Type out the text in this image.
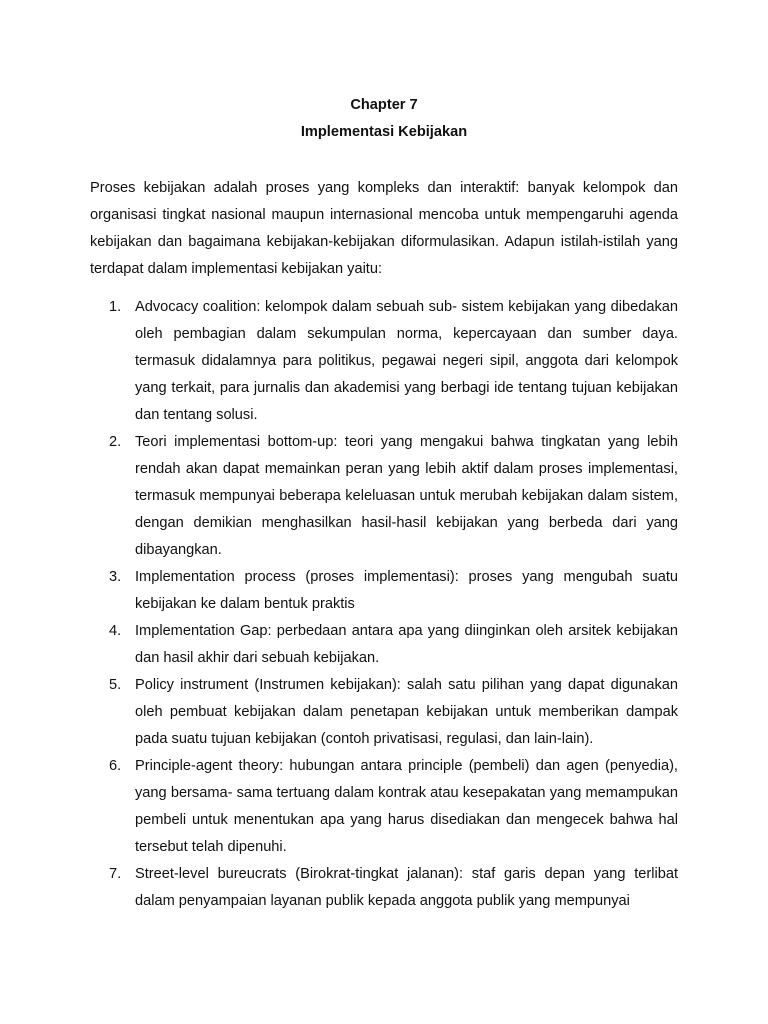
Chapter 7

Implementasi Kebijakan

Proses kebijakan adalah proses yang kompleks dan interaktif: banyak kelompok dan organisasi tingkat nasional maupun internasional mencoba untuk mempengaruhi agenda kebijakan dan bagaimana kebijakan-kebijakan diformulasikan. Adapun istilah-istilah yang terdapat dalam implementasi kebijakan yaitu:

1. Advocacy coalition: kelompok dalam sebuah sub- sistem kebijakan yang dibedakan oleh pembagian dalam sekumpulan norma, kepercayaan dan sumber daya. termasuk didalamnya para politikus, pegawai negeri sipil, anggota dari kelompok yang terkait, para jurnalis dan akademisi yang berbagi ide tentang tujuan kebijakan dan tentang solusi.
2. Teori implementasi bottom-up: teori yang mengakui bahwa tingkatan yang lebih rendah akan dapat memainkan peran yang lebih aktif dalam proses implementasi, termasuk mempunyai beberapa keleluasan untuk merubah kebijakan dalam sistem, dengan demikian menghasilkan hasil-hasil kebijakan yang berbeda dari yang dibayangkan.
3. Implementation process (proses implementasi): proses yang mengubah suatu kebijakan ke dalam bentuk praktis
4. Implementation Gap: perbedaan antara apa yang diinginkan oleh arsitek kebijakan dan hasil akhir dari sebuah kebijakan.
5. Policy instrument (Instrumen kebijakan): salah satu pilihan yang dapat digunakan oleh pembuat kebijakan dalam penetapan kebijakan untuk memberikan dampak pada suatu tujuan kebijakan (contoh privatisasi, regulasi, dan lain-lain).
6. Principle-agent theory: hubungan antara principle (pembeli) dan agen (penyedia), yang bersama- sama tertuang dalam kontrak atau kesepakatan yang memampukan pembeli untuk menentukan apa yang harus disediakan dan mengecek bahwa hal tersebut telah dipenuhi.
7. Street-level bureucrats (Birokrat-tingkat jalanan): staf garis depan yang terlibat dalam penyampaian layanan publik kepada anggota publik yang mempunyai
